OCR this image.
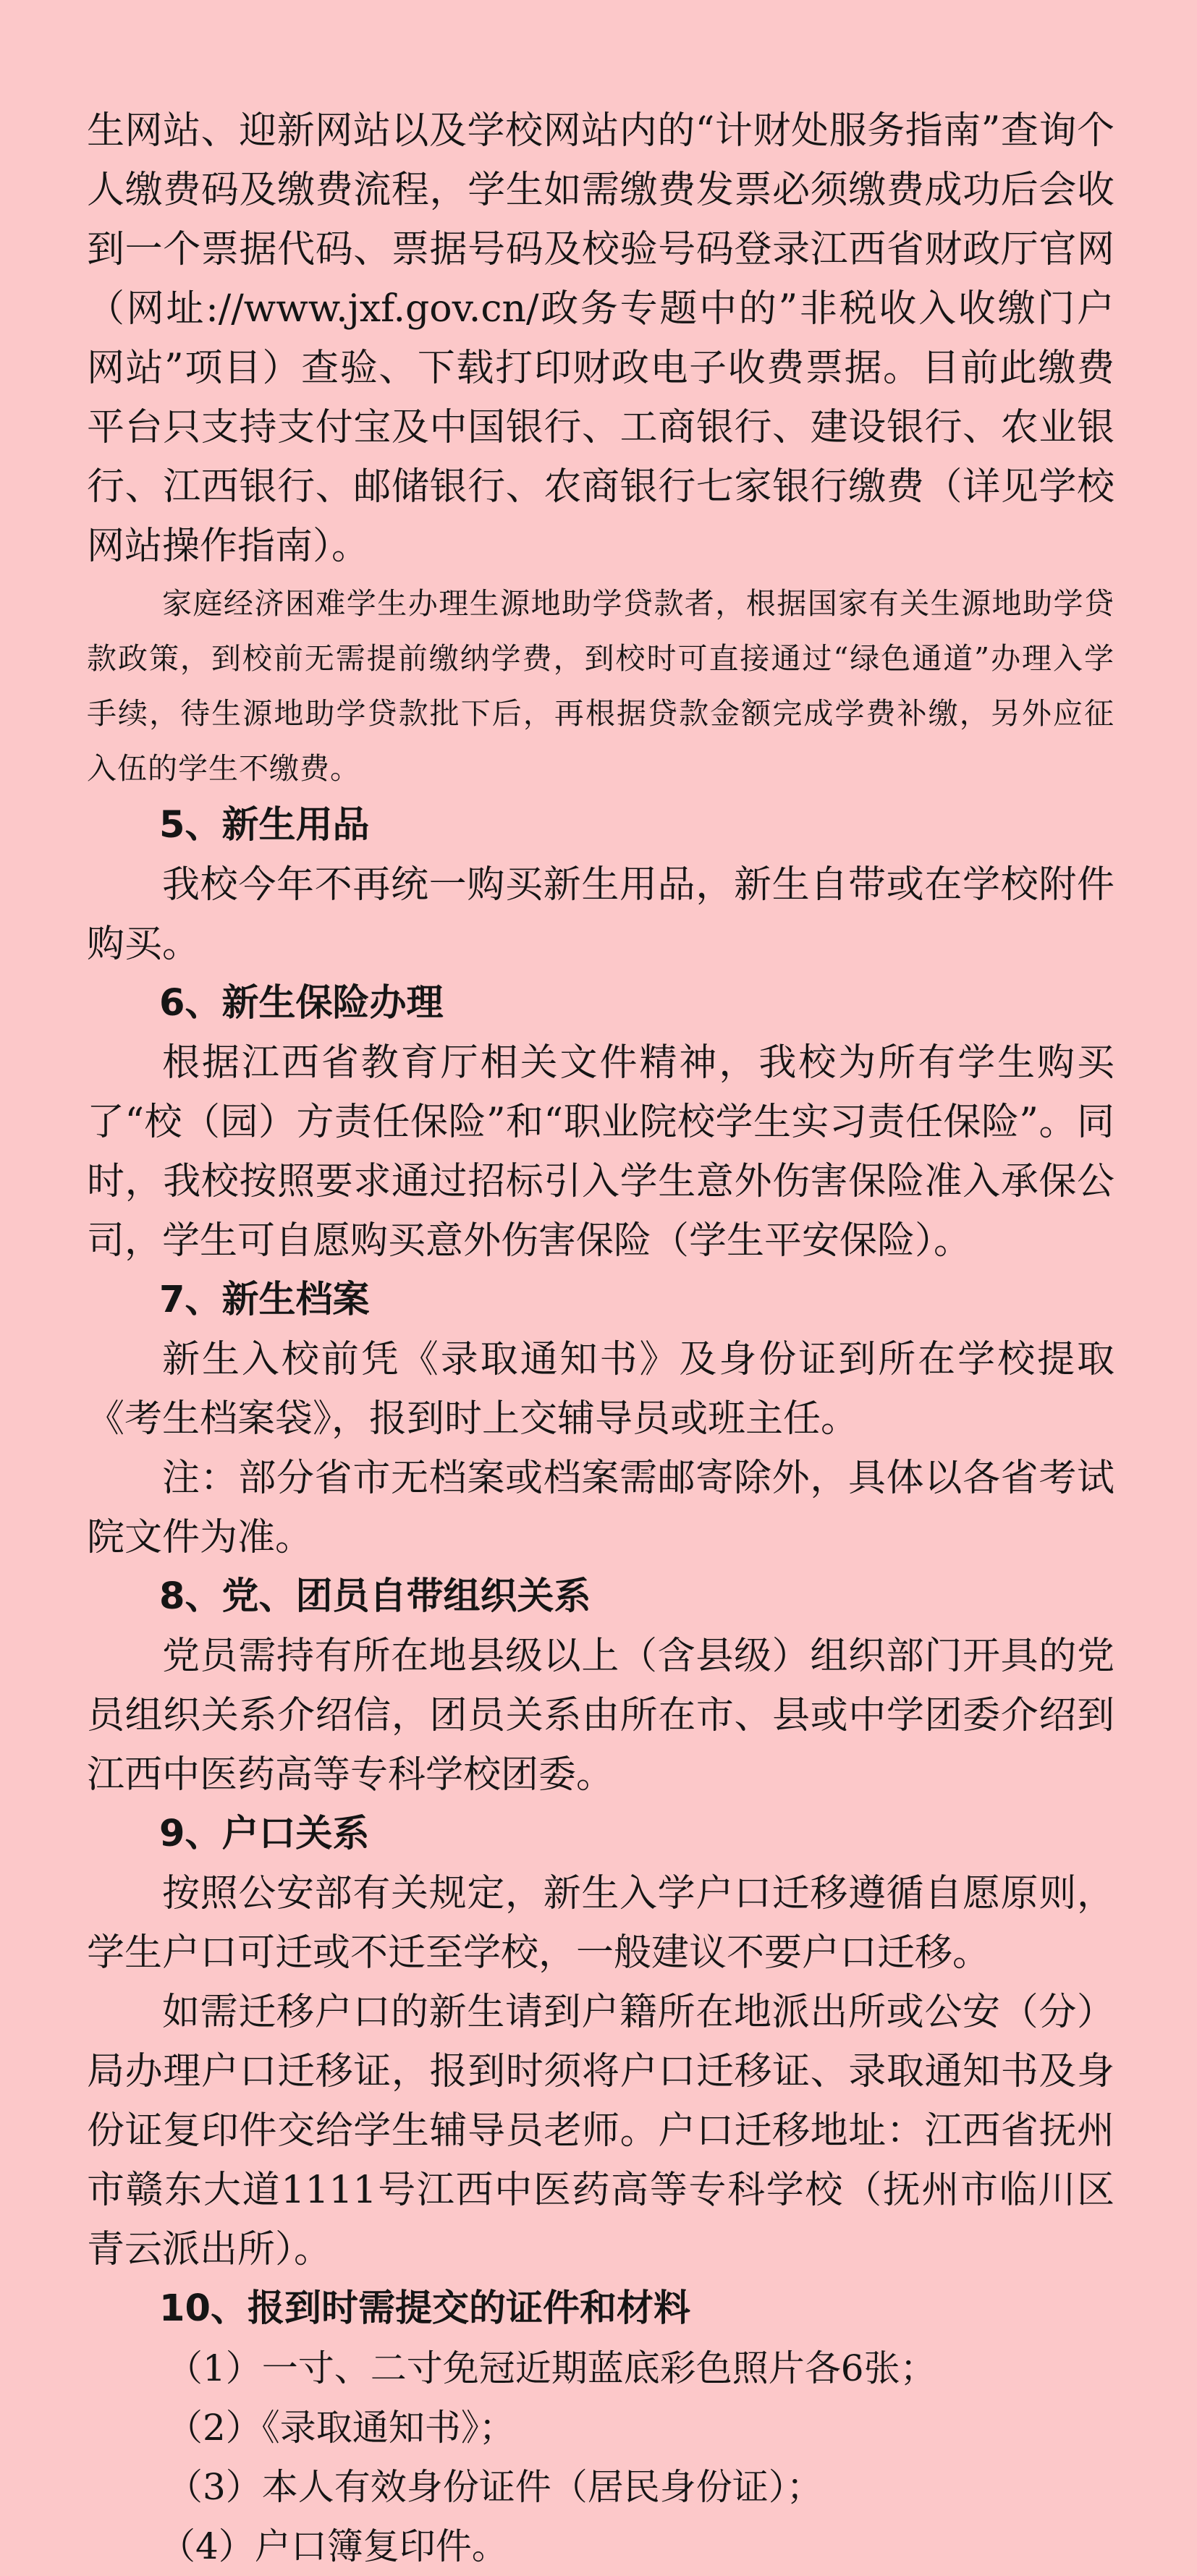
生网站、迎新网站以及学校网站内的“计财处服务指南”查询个人缴费码及缴费流程，学生如需缴费发票必须缴费成功后会收到一个票据代码、票据号码及校验号码登录江西省财政厅官网（网址://www.jxf.gov.cn/政务专题中的”非税收入收缴门户网站”项目）查验、下载打印财政电子收费票据。目前此缴费平台只支持支付宝及中国银行、工商银行、建设银行、农业银行、江西银行、邮储银行、农商银行七家银行缴费（详见学校网站操作指南）。

家庭经济困难学生办理生源地助学贷款者，根据国家有关生源地助学贷款政策，到校前无需提前缴纳学费，到校时可直接通过“绿色通道”办理入学手续，待生源地助学贷款批下后，再根据贷款金额完成学费补缴，另外应征入伍的学生不缴费。

5、新生用品

我校今年不再统一购买新生用品，新生自带或在学校附件购买。

6、新生保险办理

根据江西省教育厅相关文件精神，我校为所有学生购买了“校（园）方责任保险”和“职业院校学生实习责任保险”。同时，我校按照要求通过招标引入学生意外伤害保险准入承保公司，学生可自愿购买意外伤害保险（学生平安保险）。

7、新生档案

新生入校前凭《录取通知书》及身份证到所在学校提取《考生档案袋》，报到时上交辅导员或班主任。

注：部分省市无档案或档案需邮寄除外，具体以各省考试院文件为准。

8、党、团员自带组织关系

党员需持有所在地县级以上（含县级）组织部门开具的党员组织关系介绍信，团员关系由所在市、县或中学团委介绍到江西中医药高等专科学校团委。

9、户口关系

按照公安部有关规定，新生入学户口迁移遵循自愿原则，学生户口可迁或不迁至学校，一般建议不要户口迁移。

如需迁移户口的新生请到户籍所在地派出所或公安（分）局办理户口迁移证，报到时须将户口迁移证、录取通知书及身份证复印件交给学生辅导员老师。户口迁移地址：江西省抚州市赣东大道1111号江西中医药高等专科学校（抚州市临川区青云派出所）。

10、报到时需提交的证件和材料

（1）一寸、二寸免冠近期蓝底彩色照片各6张；

（2）《录取通知书》；

（3）本人有效身份证件（居民身份证）；

（4）户口簿复印件。
